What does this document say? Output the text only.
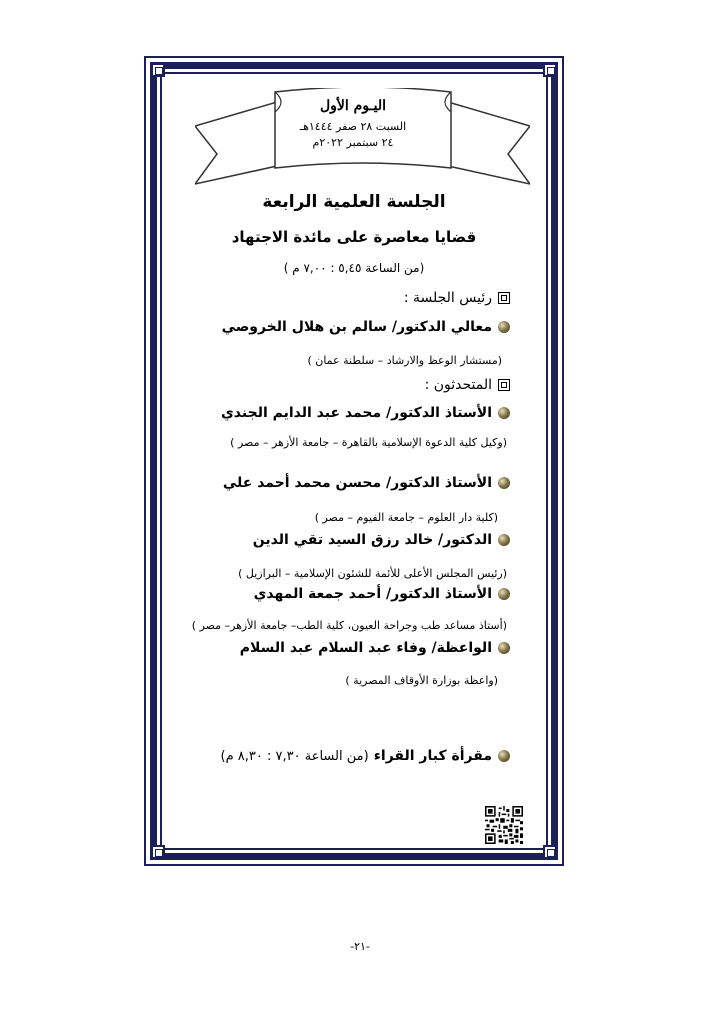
اليـوم الأول
السبت ٢٨ صفر ١٤٤٤هـ
٢٤ سبتمبر ٢٠٢٢م
الجلسة العلمية الرابعة
قضايا معاصرة على مائدة الاجتهاد
(من الساعة ٥,٤٥ : ٧,٠٠ م )
رئيس الجلسة :
معالي الدكتور/ سالم بن هلال الخروصي
(مستشار الوعظ والارشاد – سلطنة عمان )
المتحدثون :
الأستاذ الدكتور/ محمد عبد الدايم الجندي
(وكيل كلية الدعوة الإسلامية بالقاهرة – جامعة الأزهر – مصر )
الأستاذ الدكتور/ محسن محمد أحمد علي
(كلية دار العلوم – جامعة الفيوم – مصر )
الدكتور/ خالد رزق السيد تقي الدين
(رئيس المجلس الأعلى للأئمة للشئون الإسلامية – البرازيل )
الأستاذ الدكتور/ أحمد جمعة المهدي
(أستاذ مساعد طب وجراحة العيون، كلية الطب– جامعة الأزهر– مصر )
الواعظة/ وفاء عبد السلام عبد السلام
(واعظة بوزارة الأوقاف المصرية )
مقرأة كبار القراء (من الساعة ٧,٣٠ : ٨,٣٠ م)
-٢١-
